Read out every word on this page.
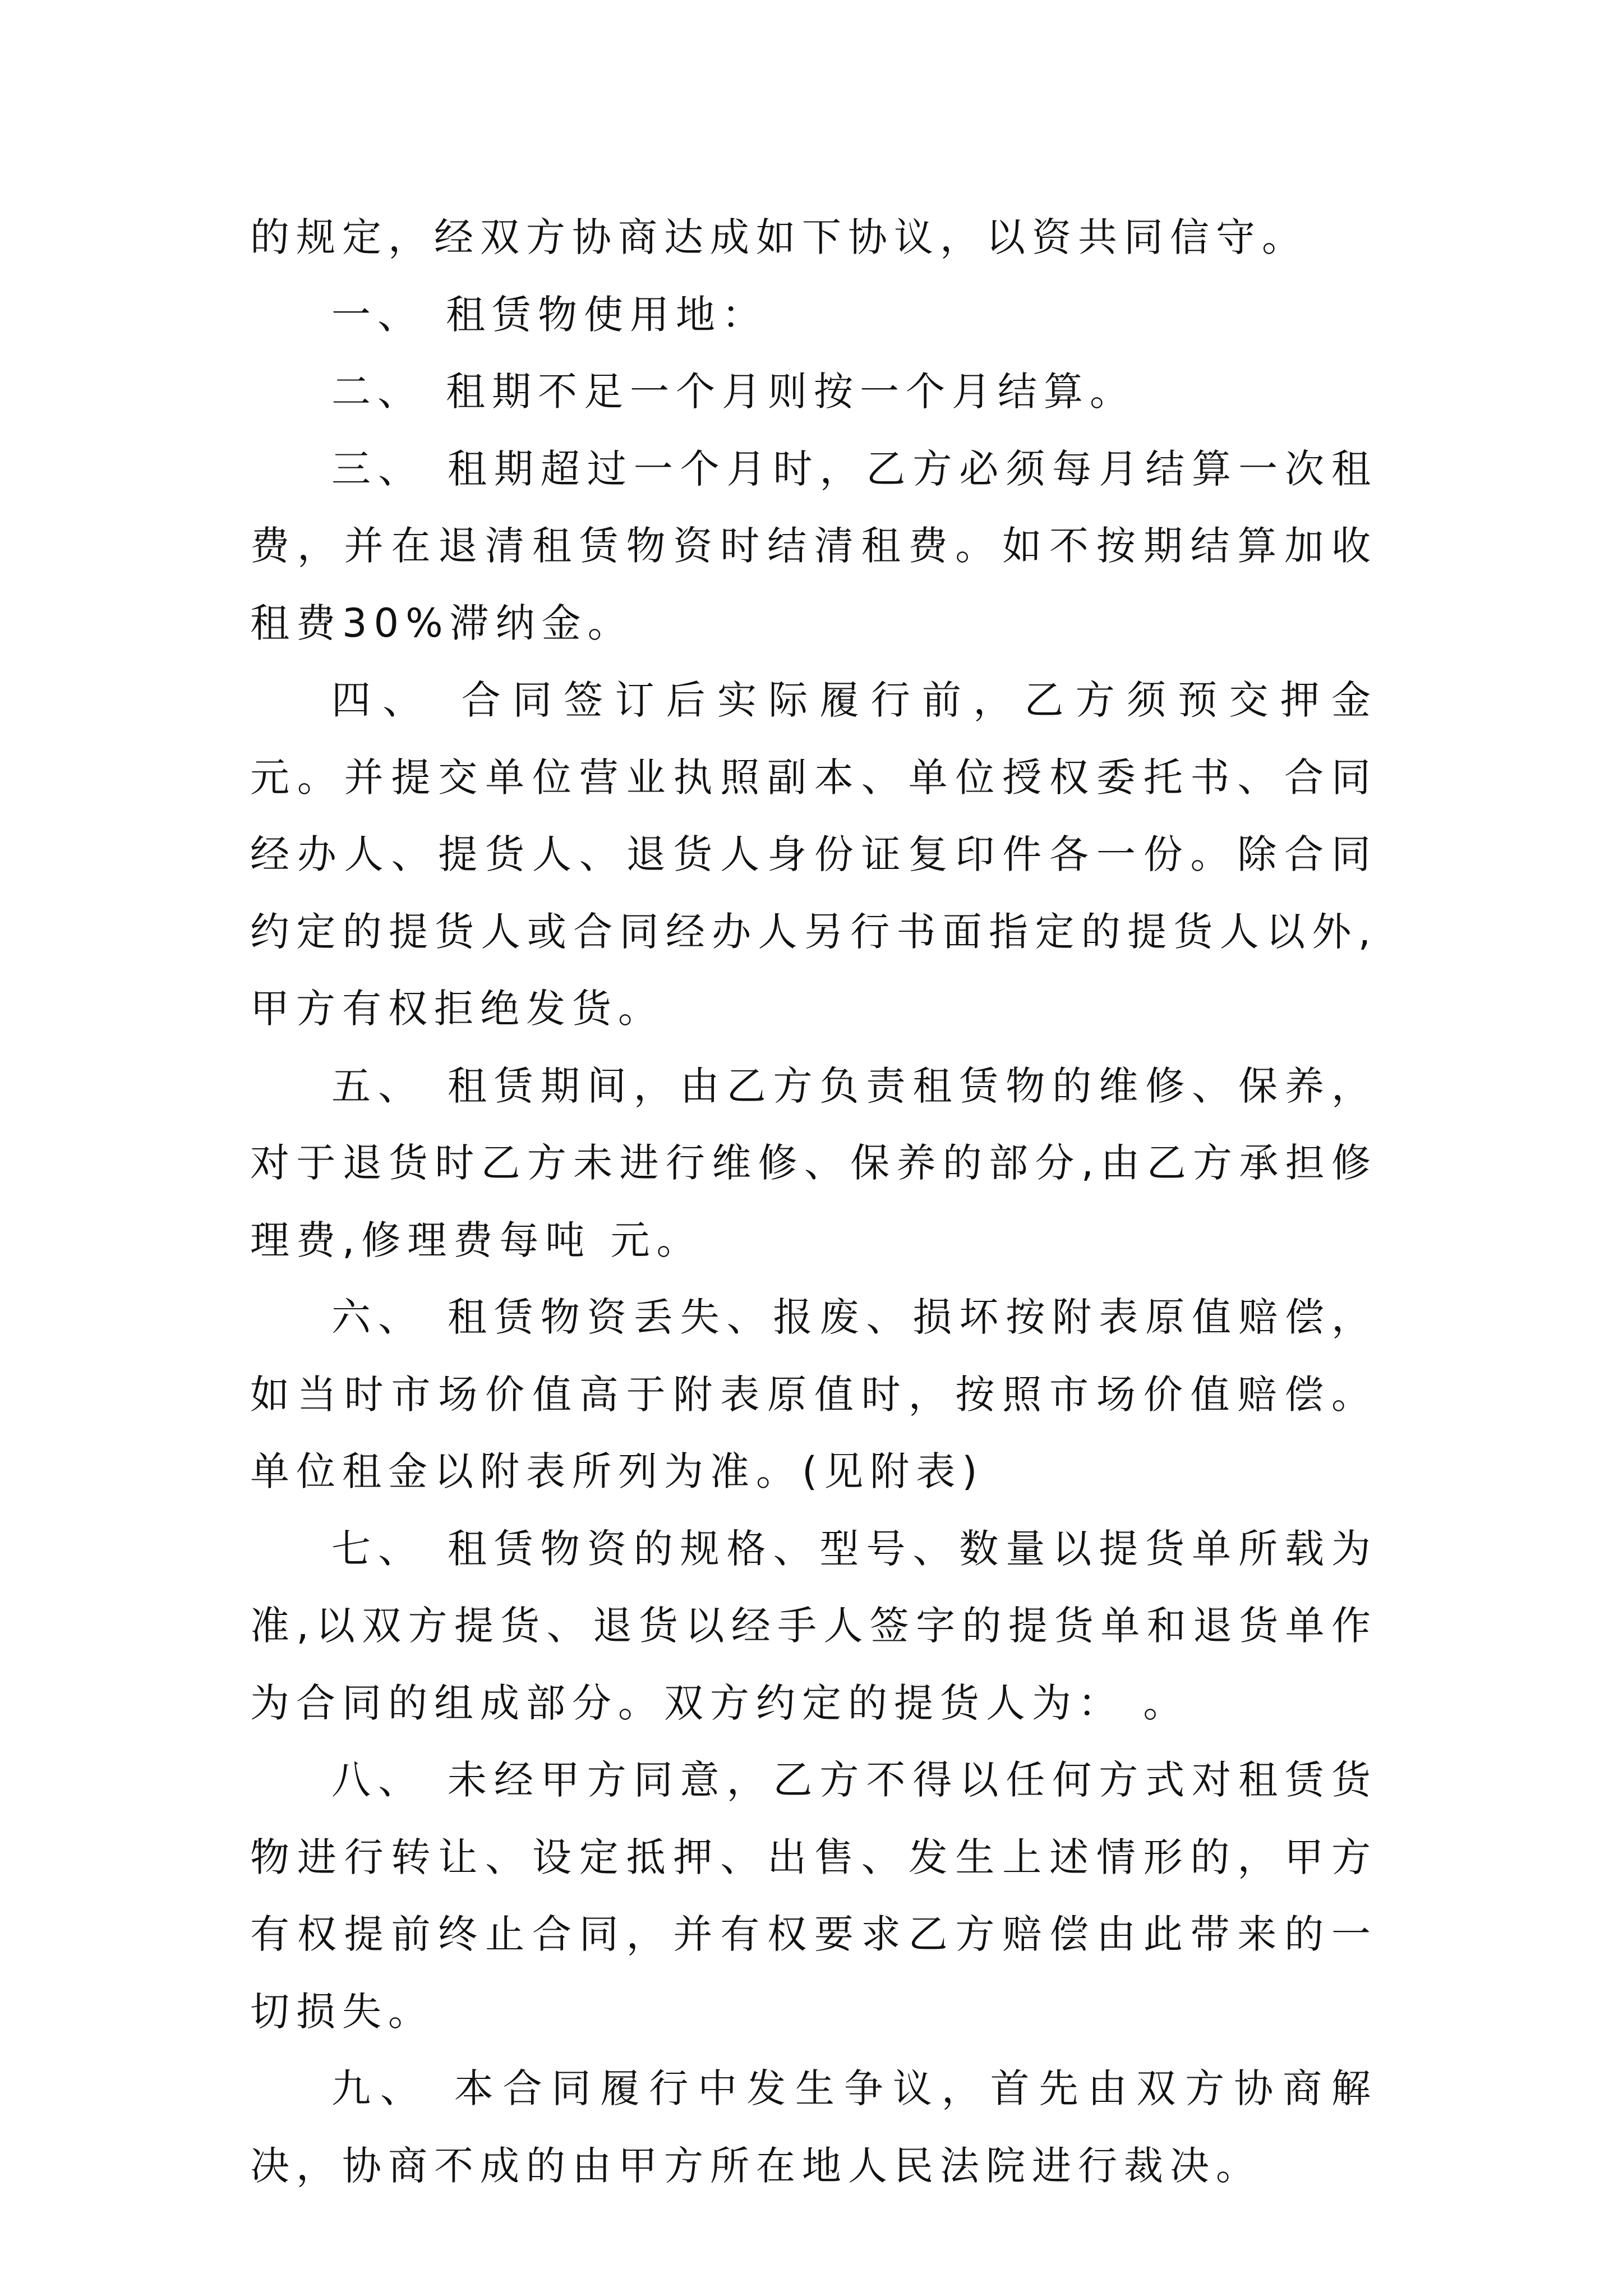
的规定，经双方协商达成如下协议，以资共同信守。

一、 租赁物使用地：

二、 租期不足一个月则按一个月结算。

三、 租期超过一个月时，乙方必须每月结算一次租费，并在退清租赁物资时结清租费。如不按期结算加收租费30%滞纳金。

四、 合同签订后实际履行前，乙方须预交押金 元。并提交单位营业执照副本、单位授权委托书、合同经办人、提货人、退货人身份证复印件各一份。除合同约定的提货人或合同经办人另行书面指定的提货人以外,甲方有权拒绝发货。

五、 租赁期间，由乙方负责租赁物的维修、保养，对于退货时乙方未进行维修、保养的部分,由乙方承担修理费,修理费每吨 元。

六、 租赁物资丢失、报废、损坏按附表原值赔偿，如当时市场价值高于附表原值时，按照市场价值赔偿。单位租金以附表所列为准。(见附表)

七、 租赁物资的规格、型号、数量以提货单所载为准,以双方提货、退货以经手人签字的提货单和退货单作为合同的组成部分。双方约定的提货人为： 。

八、 未经甲方同意，乙方不得以任何方式对租赁货物进行转让、设定抵押、出售、发生上述情形的，甲方有权提前终止合同，并有权要求乙方赔偿由此带来的一切损失。

九、 本合同履行中发生争议，首先由双方协商解决，协商不成的由甲方所在地人民法院进行裁决。
